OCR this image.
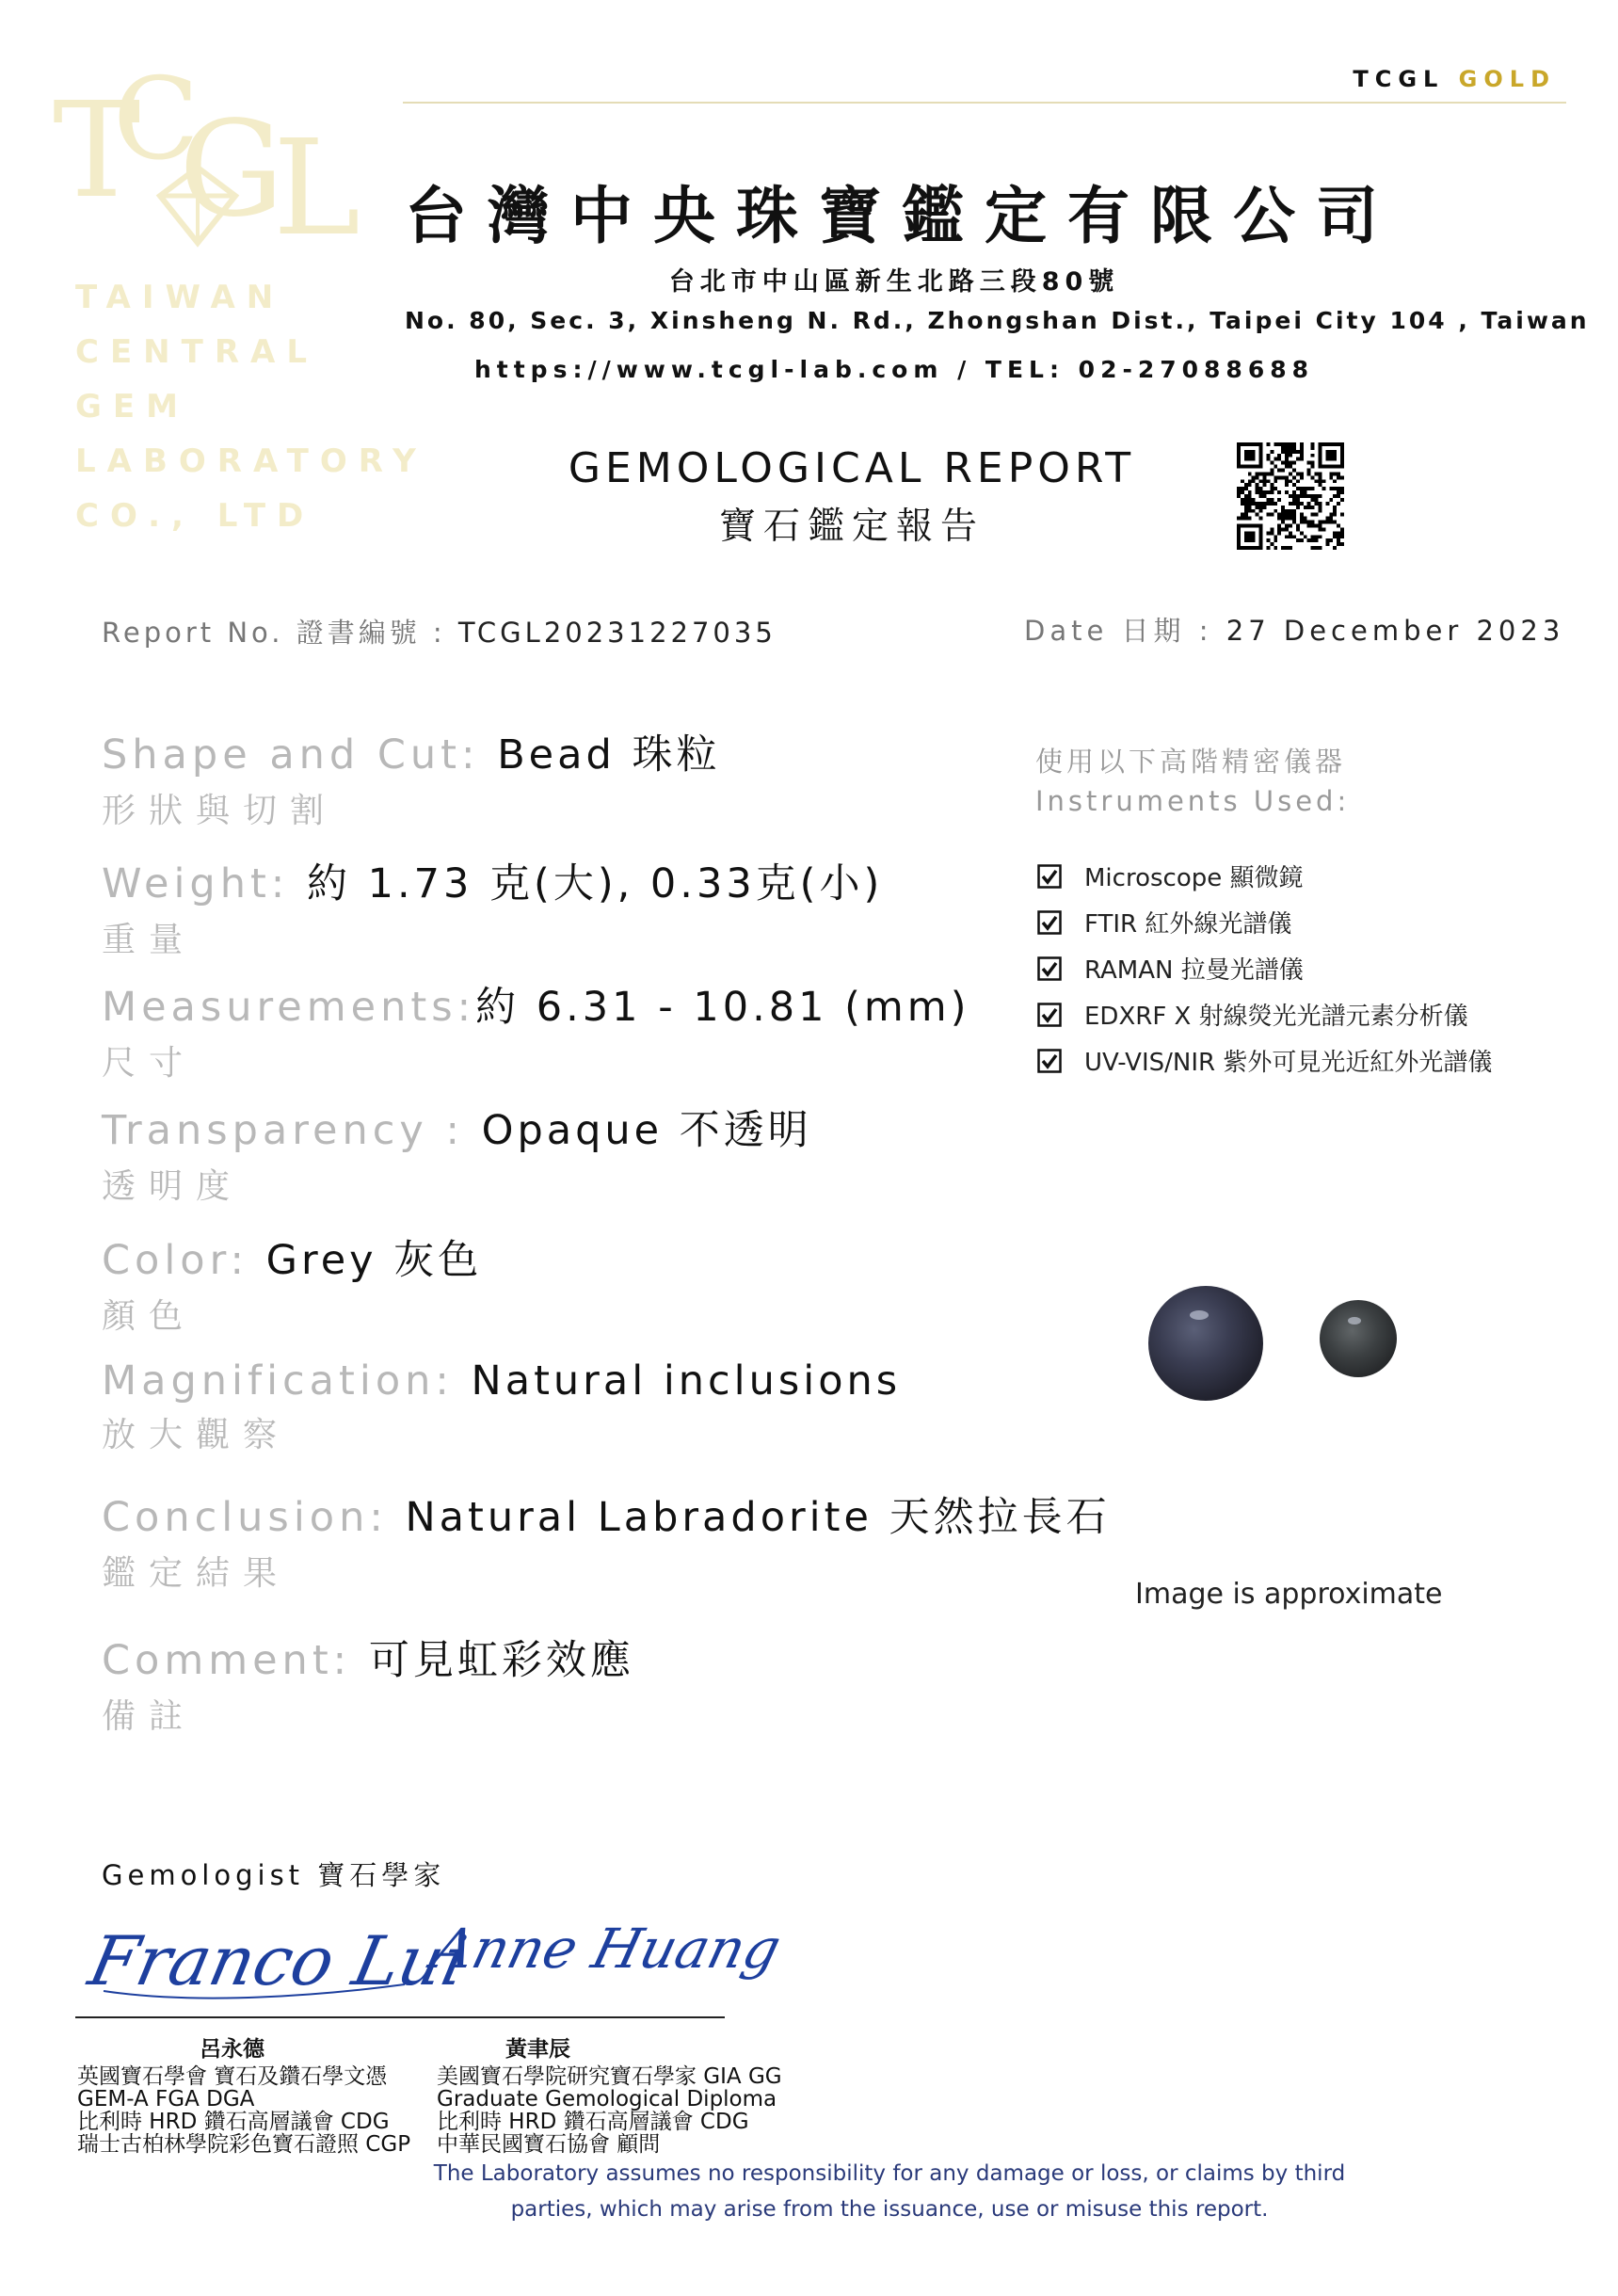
T
C
G
L
TAIWAN
CENTRAL
GEM
LABORATORY
CO., LTD
TCGL GOLD
台灣中央珠寶鑑定有限公司
台北市中山區新生北路三段80號
No. 80, Sec. 3, Xinsheng N. Rd., Zhongshan Dist., Taipei City 104 , Taiwan
https://www.tcgl-lab.com / TEL: 02-27088688
GEMOLOGICAL REPORT
寶石鑑定報告
Report No. 證書編號 : TCGL20231227035	Date 日期 : 27 December 2023
Shape and Cut: Bead 珠粒
形狀與切割
Weight: 約 1.73 克(大), 0.33克(小)
重量
Measurements:約 6.31 - 10.81 (mm)
尺寸
Transparency : Opaque 不透明
透明度
Color: Grey 灰色
顏色
Magnification: Natural inclusions
放大觀察
Conclusion: Natural Labradorite 天然拉長石
鑑定結果
Comment: 可見虹彩效應
備註
使用以下高階精密儀器
Instruments Used:
Microscope 顯微鏡
FTIR 紅外線光譜儀
RAMAN 拉曼光譜儀
EDXRF X 射線熒光光譜元素分析儀
UV-VIS/NIR 紫外可見光近紅外光譜儀
Image is approximate
Gemologist 寶石學家
Franco Lui
Anne Huang
呂永德	黃聿辰
英國寶石學會 寶石及鑽石學文憑
GEM-A FGA DGA
比利時 HRD 鑽石高層議會 CDG
瑞士古柏林學院彩色寶石證照 CGP
美國寶石學院研究寶石學家 GIA GG
Graduate Gemological Diploma
比利時 HRD 鑽石高層議會 CDG
中華民國寶石協會 顧問
The Laboratory assumes no responsibility for any damage or loss, or claims by third
parties, which may arise from the issuance, use or misuse this report.
